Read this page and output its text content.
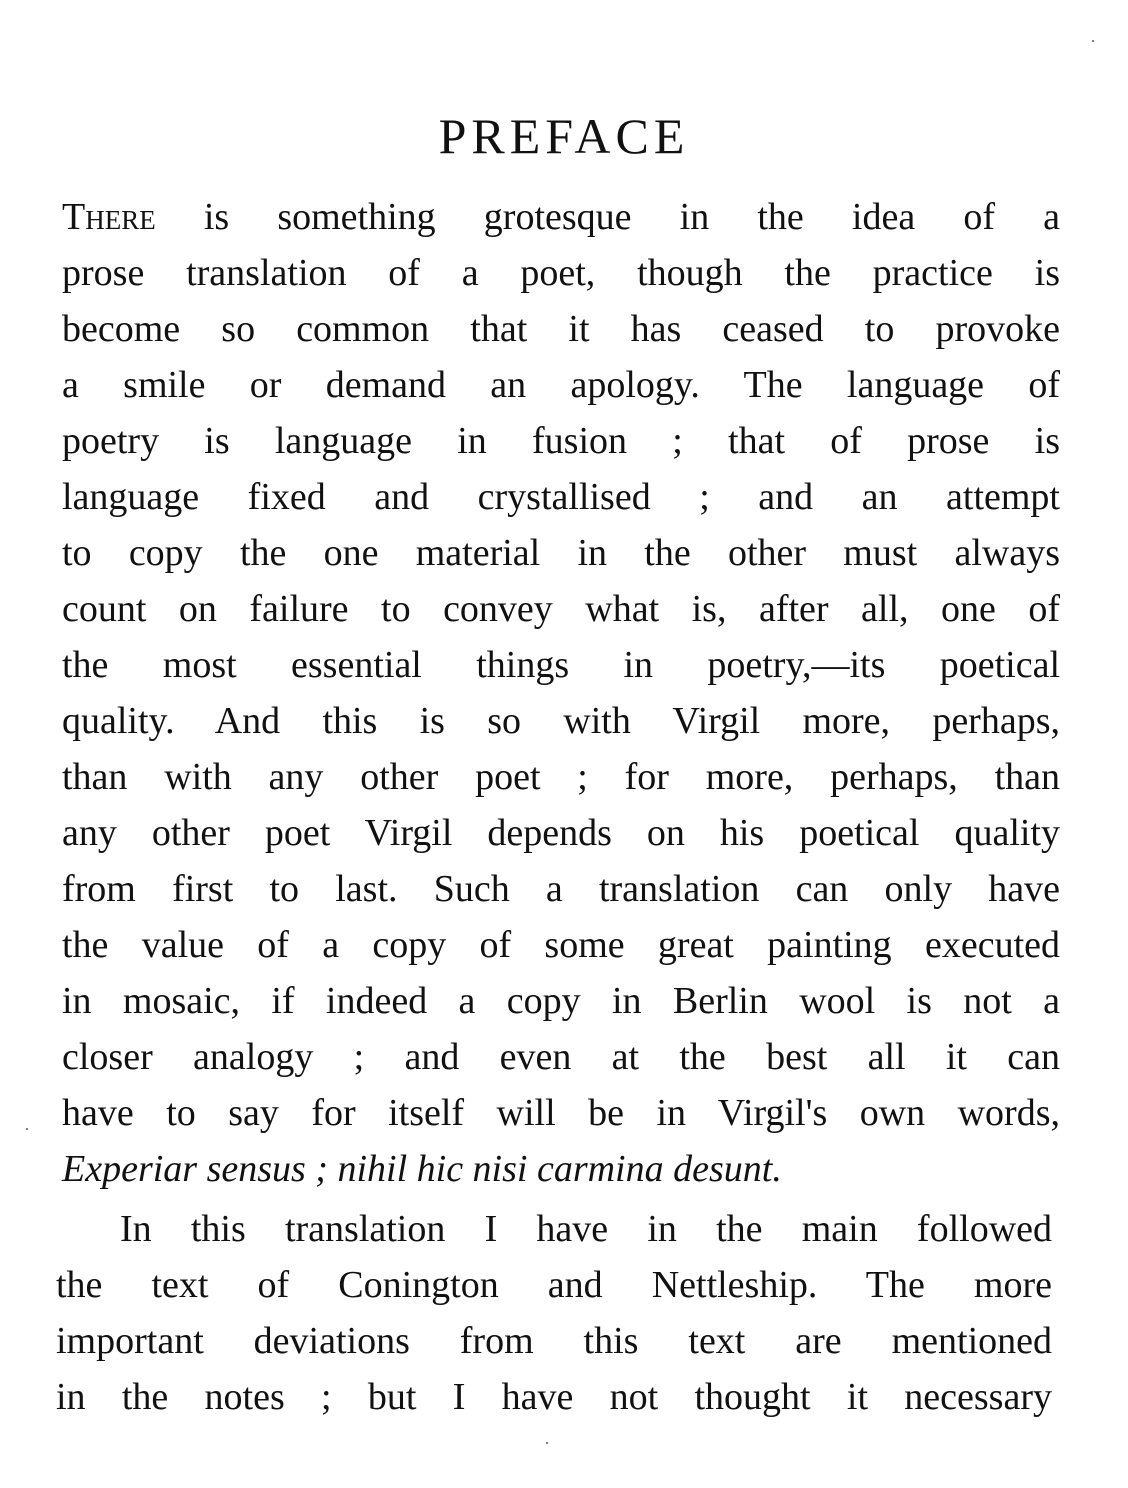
PREFACE
There is something grotesque in the idea of a
prose translation of a poet, though the practice is
become so common that it has ceased to provoke
a smile or demand an apology. The language of
poetry is language in fusion ; that of prose is
language fixed and crystallised ; and an attempt
to copy the one material in the other must always
count on failure to convey what is, after all, one of
the most essential things in poetry,—its poetical
quality. And this is so with Virgil more, perhaps,
than with any other poet ; for more, perhaps, than
any other poet Virgil depends on his poetical quality
from first to last. Such a translation can only have
the value of a copy of some great painting executed
in mosaic, if indeed a copy in Berlin wool is not a
closer analogy ; and even at the best all it can
have to say for itself will be in Virgil's own words,
Experiar sensus ; nihil hic nisi carmina desunt.
In this translation I have in the main followed
the text of Conington and Nettleship. The more
important deviations from this text are mentioned
in the notes ; but I have not thought it necessary
